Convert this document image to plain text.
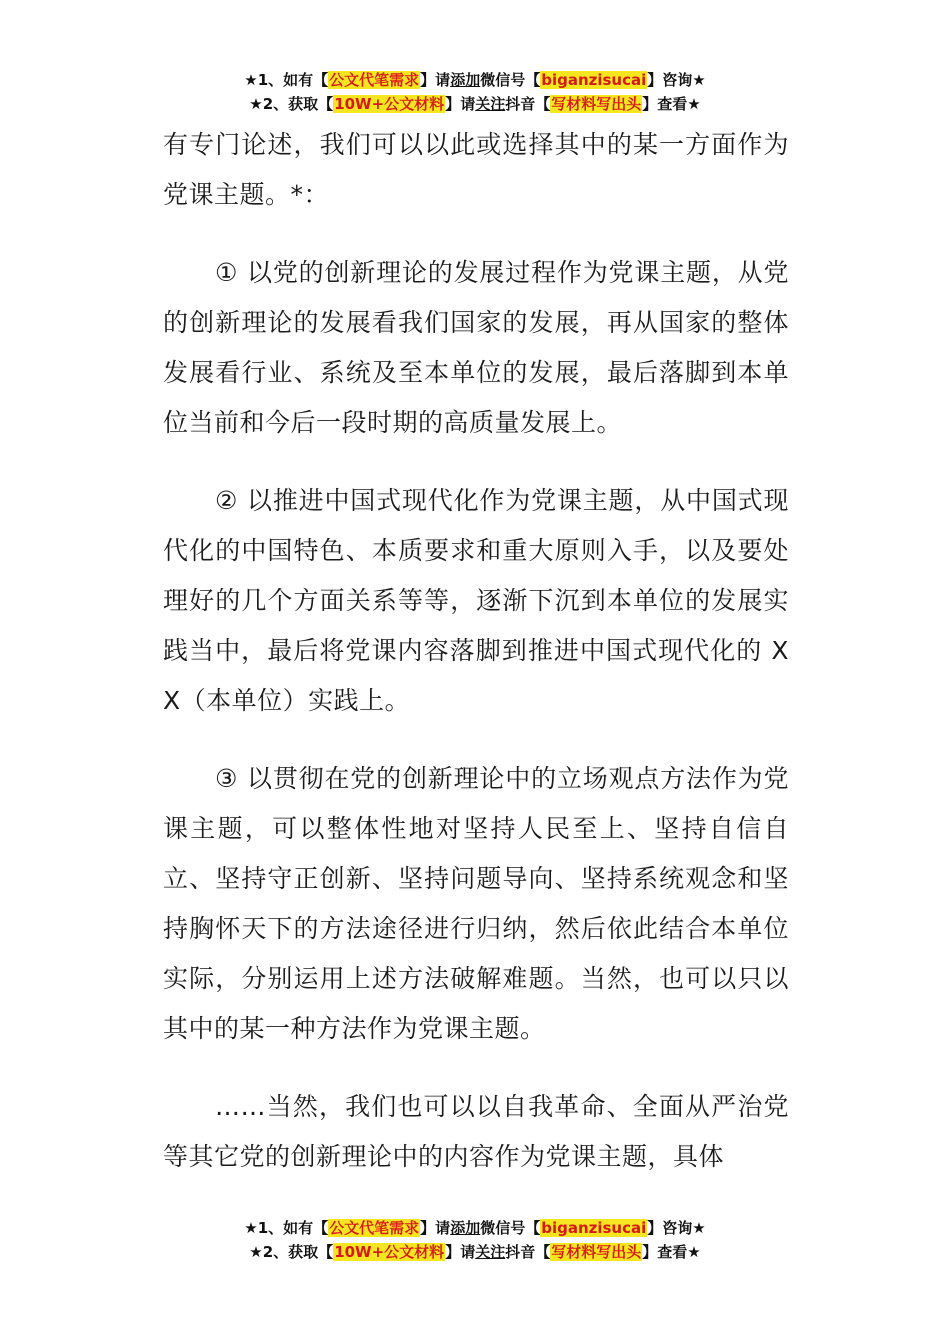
★1、如有【公文代笔需求】请添加微信号【biganzisucai】咨询★
★2、获取【10W+公文材料】请关注抖音【写材料写出头】查看★

有专门论述，我们可以以此或选择其中的某一方面作为党课主题。*：

① 以党的创新理论的发展过程作为党课主题，从党的创新理论的发展看我们国家的发展，再从国家的整体发展看行业、系统及至本单位的发展，最后落脚到本单位当前和今后一段时期的高质量发展上。

② 以推进中国式现代化作为党课主题，从中国式现代化的中国特色、本质要求和重大原则入手，以及要处理好的几个方面关系等等，逐渐下沉到本单位的发展实践当中，最后将党课内容落脚到推进中国式现代化的 XX（本单位）实践上。

③ 以贯彻在党的创新理论中的立场观点方法作为党课主题，可以整体性地对坚持人民至上、坚持自信自立、坚持守正创新、坚持问题导向、坚持系统观念和坚持胸怀天下的方法途径进行归纳，然后依此结合本单位实际，分别运用上述方法破解难题。当然，也可以只以其中的某一种方法作为党课主题。

……当然，我们也可以以自我革命、全面从严治党等其它党的创新理论中的内容作为党课主题，具体

★1、如有【公文代笔需求】请添加微信号【biganzisucai】咨询★
★2、获取【10W+公文材料】请关注抖音【写材料写出头】查看★
